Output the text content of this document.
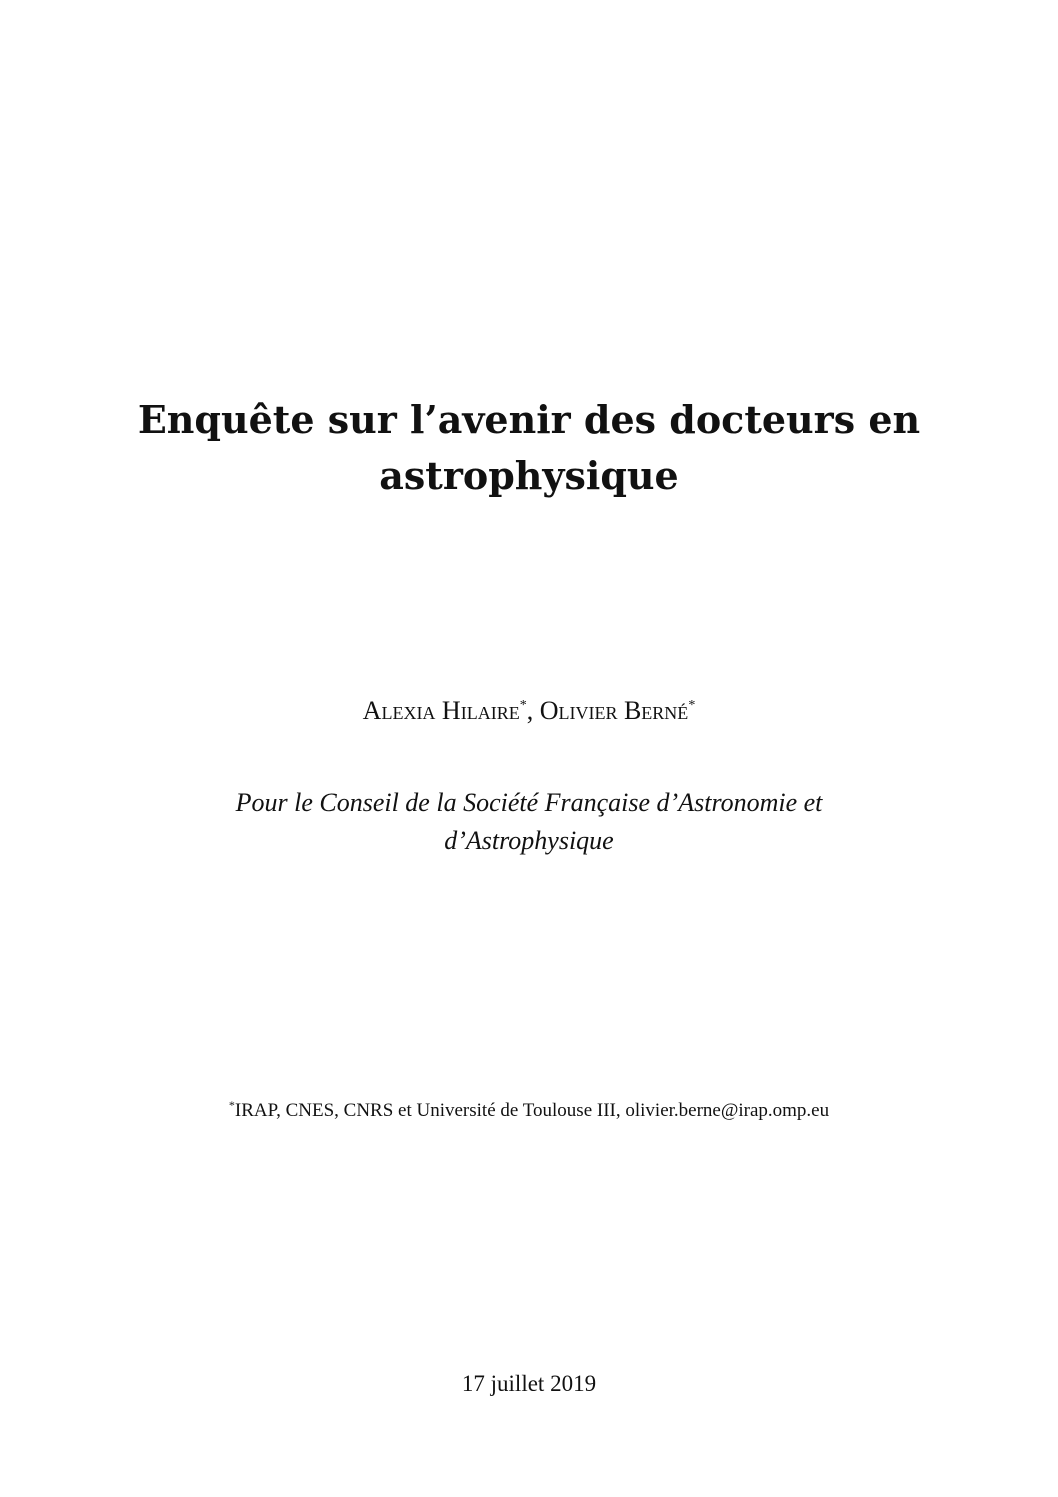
Enquête sur l’avenir des docteurs en
astrophysique
Alexia Hilaire*, Olivier Berné*
Pour le Conseil de la Société Française d’Astronomie et
d’Astrophysique
*IRAP, CNES, CNRS et Université de Toulouse III, olivier.berne@irap.omp.eu
17 juillet 2019
